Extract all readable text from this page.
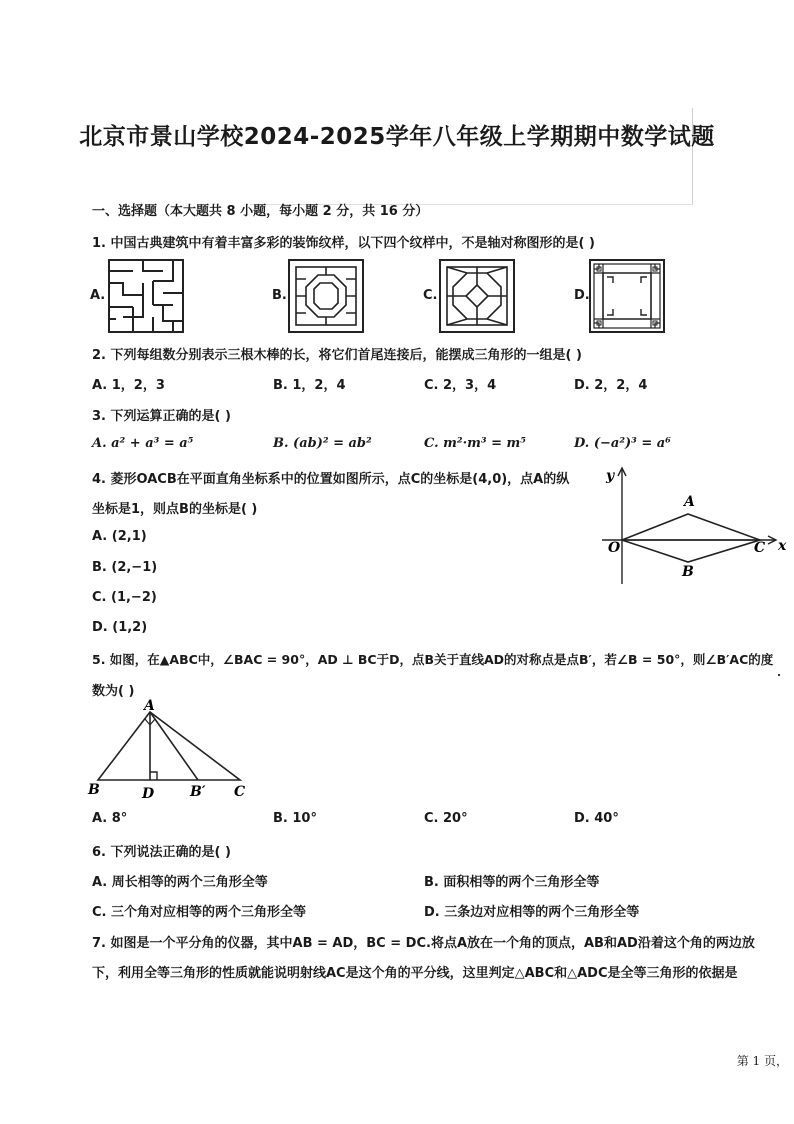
北京市景山学校2024-2025学年八年级上学期期中数学试题
一、选择题（本大题共 8 小题，每小题 2 分，共 16 分）
1. 中国古典建筑中有着丰富多彩的装饰纹样，以下四个纹样中，不是轴对称图形的是( )
A.	B.	C.	D.
2. 下列每组数分别表示三根木棒的长，将它们首尾连接后，能摆成三角形的一组是( )
A. 1，2，3	B. 1，2，4	C. 2，3，4	D. 2，2，4
3. 下列运算正确的是( )
A. a² + a³ = a⁵	B. (ab)² = ab²	C. m²·m³ = m⁵	D. (−a²)³ = a⁶
4. 菱形OACB在平面直角坐标系中的位置如图所示，点C的坐标是(4,0)，点A的纵
坐标是1，则点B的坐标是( )
A. (2,1)
B. (2,−1)
C. (1,−2)
D. (1,2)
y
x
O
A
B
C
5. 如图，在▲ABC中，∠BAC = 90°，AD ⊥ BC于D，点B关于直线AD的对称点是点B′，若∠B = 50°，则∠B′AC的度
数为( )
A
B	D	B′ C
A. 8°	B. 10°	C. 20°	D. 40°
6. 下列说法正确的是( )
A. 周长相等的两个三角形全等	B. 面积相等的两个三角形全等
C. 三个角对应相等的两个三角形全等	D. 三条边对应相等的两个三角形全等
7. 如图是一个平分角的仪器，其中AB = AD，BC = DC.将点A放在一个角的顶点，AB和AD沿着这个角的两边放
下，利用全等三角形的性质就能说明射线AC是这个角的平分线，这里判定△ABC和△ADC是全等三角形的依据是
第 1 页，
